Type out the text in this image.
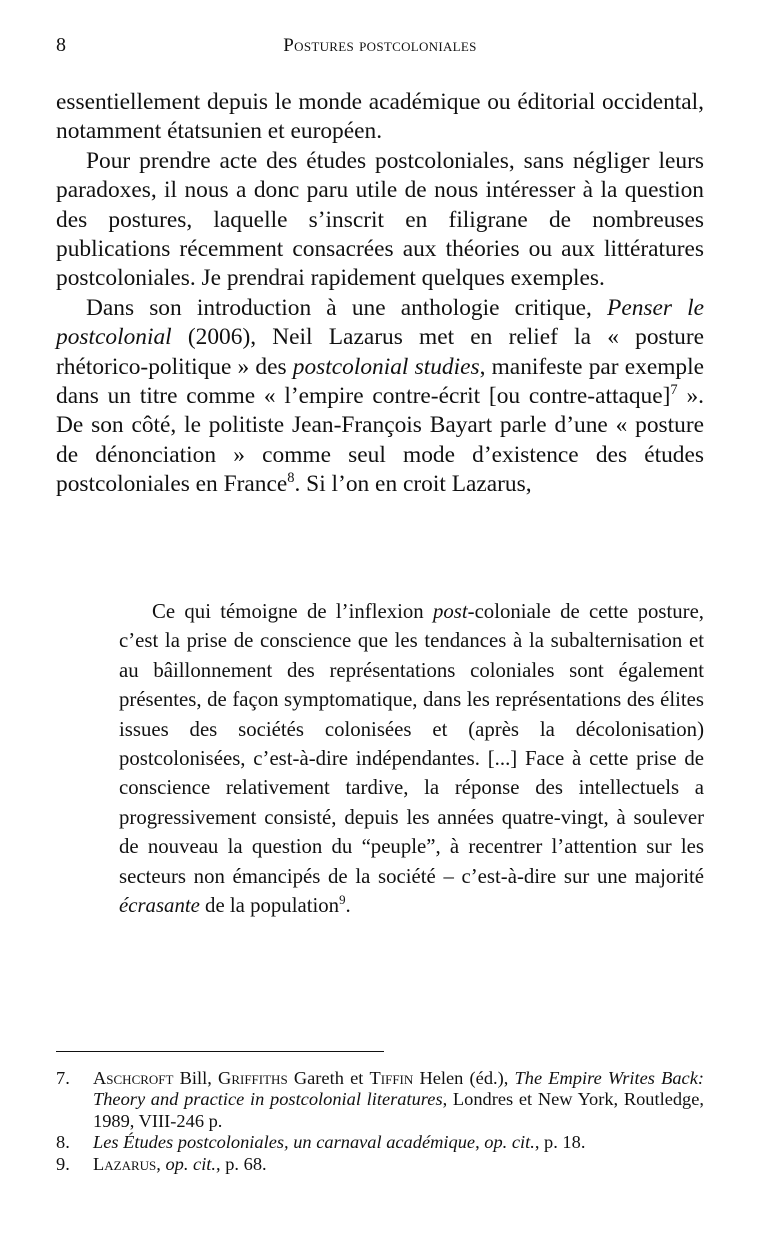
8	Postures postcoloniales

essentiellement depuis le monde académique ou éditorial occidental, notamment étatsunien et européen.

Pour prendre acte des études postcoloniales, sans négliger leurs paradoxes, il nous a donc paru utile de nous intéresser à la question des postures, laquelle s’inscrit en filigrane de nombreuses publications récemment consacrées aux théories ou aux littératures postcoloniales. Je prendrai rapidement quelques exemples.

Dans son introduction à une anthologie critique, Penser le postcolonial (2006), Neil Lazarus met en relief la « posture rhétorico-politique » des postcolonial studies, manifeste par exemple dans un titre comme « l’empire contre-écrit [ou contre-attaque]$^7$ ». De son côté, le politiste Jean-François Bayart parle d’une « posture de dénonciation » comme seul mode d’existence des études postcoloniales en France$^8$. Si l’on en croit Lazarus,

Ce qui témoigne de l’inflexion post-coloniale de cette posture, c’est la prise de conscience que les tendances à la subalternisation et au bâillonnement des représentations coloniales sont également présentes, de façon symptomatique, dans les représentations des élites issues des sociétés colonisées et (après la décolonisation) postcolonisées, c’est-à-dire indépendantes. [...] Face à cette prise de conscience relativement tardive, la réponse des intellectuels a progressivement consisté, depuis les années quatre-vingt, à soulever de nouveau la question du “peuple”, à recentrer l’attention sur les secteurs non émancipés de la société – c’est-à-dire sur une majorité écrasante de la population$^9$.

7. Aschcroft Bill, Griffiths Gareth et Tiffin Helen (éd.), The Empire Writes Back: Theory and practice in postcolonial literatures, Londres et New York, Routledge, 1989, VIII-246 p.
8. Les Études postcoloniales, un carnaval académique, op. cit., p. 18.
9. Lazarus, op. cit., p. 68.
